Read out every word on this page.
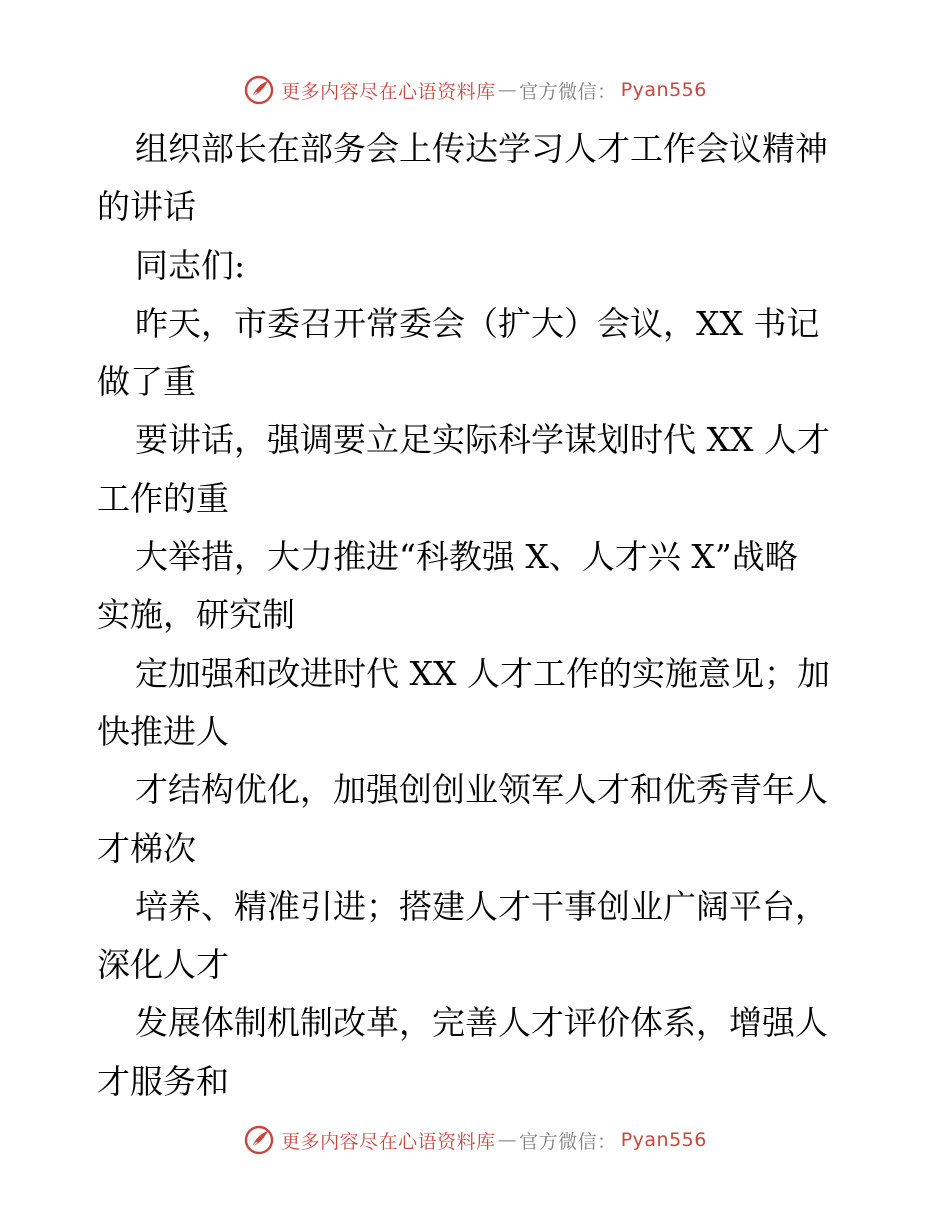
更多内容尽在心语资料库 — 官方微信： Pyan556
组织部长在部务会上传达学习人才工作会议精神
的讲话
同志们:
昨天，市委召开常委会（扩大）会议，XX 书记
做了重
要讲话，强调要立足实际科学谋划时代 XX 人才
工作的重
大举措，大力推进“科教强 X、人才兴 X”战略
实施，研究制
定加强和改进时代 XX 人才工作的实施意见；加
快推进人
才结构优化，加强创创业领军人才和优秀青年人
才梯次
培养、精准引进；搭建人才干事创业广阔平台，
深化人才
发展体制机制改革，完善人才评价体系，增强人
才服务和
更多内容尽在心语资料库 — 官方微信： Pyan556
